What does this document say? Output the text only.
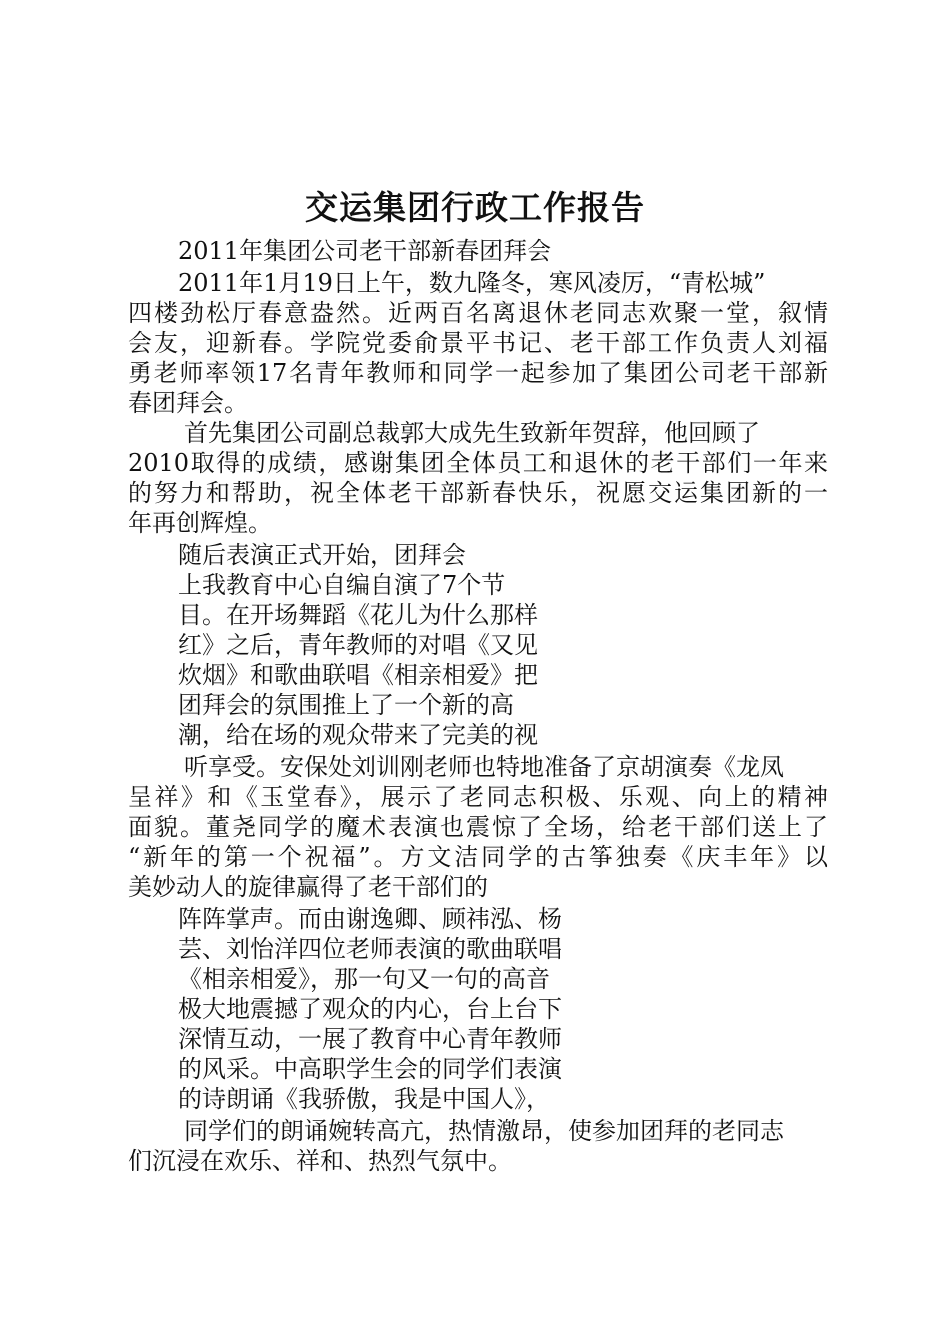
交运集团行政工作报告
2011年集团公司老干部新春团拜会
2011年1月19日上午，数九隆冬，寒风凌厉，“青松城”
四楼劲松厅春意盎然。近两百名离退休老同志欢聚一堂，叙情
会友，迎新春。学院党委俞景平书记、老干部工作负责人刘福
勇老师率领17名青年教师和同学一起参加了集团公司老干部新
春团拜会。
首先集团公司副总裁郭大成先生致新年贺辞，他回顾了
2010取得的成绩，感谢集团全体员工和退休的老干部们一年来
的努力和帮助，祝全体老干部新春快乐，祝愿交运集团新的一
年再创辉煌。
随后表演正式开始，团拜会
上我教育中心自编自演了7个节
目。在开场舞蹈《花儿为什么那样
红》之后，青年教师的对唱《又见
炊烟》和歌曲联唱《相亲相爱》把
团拜会的氛围推上了一个新的高
潮，给在场的观众带来了完美的视
听享受。安保处刘训刚老师也特地准备了京胡演奏《龙凤
呈祥》和《玉堂春》，展示了老同志积极、乐观、向上的精神
面貌。董尧同学的魔术表演也震惊了全场，给老干部们送上了
“新年的第一个祝福”。方文洁同学的古筝独奏《庆丰年》以
美妙动人的旋律赢得了老干部们的
阵阵掌声。而由谢逸卿、顾祎泓、杨
芸、刘怡洋四位老师表演的歌曲联唱
《相亲相爱》，那一句又一句的高音
极大地震撼了观众的内心，台上台下
深情互动，一展了教育中心青年教师
的风采。中高职学生会的同学们表演
的诗朗诵《我骄傲，我是中国人》，
同学们的朗诵婉转高亢，热情激昂，使参加团拜的老同志
们沉浸在欢乐、祥和、热烈气氛中。
